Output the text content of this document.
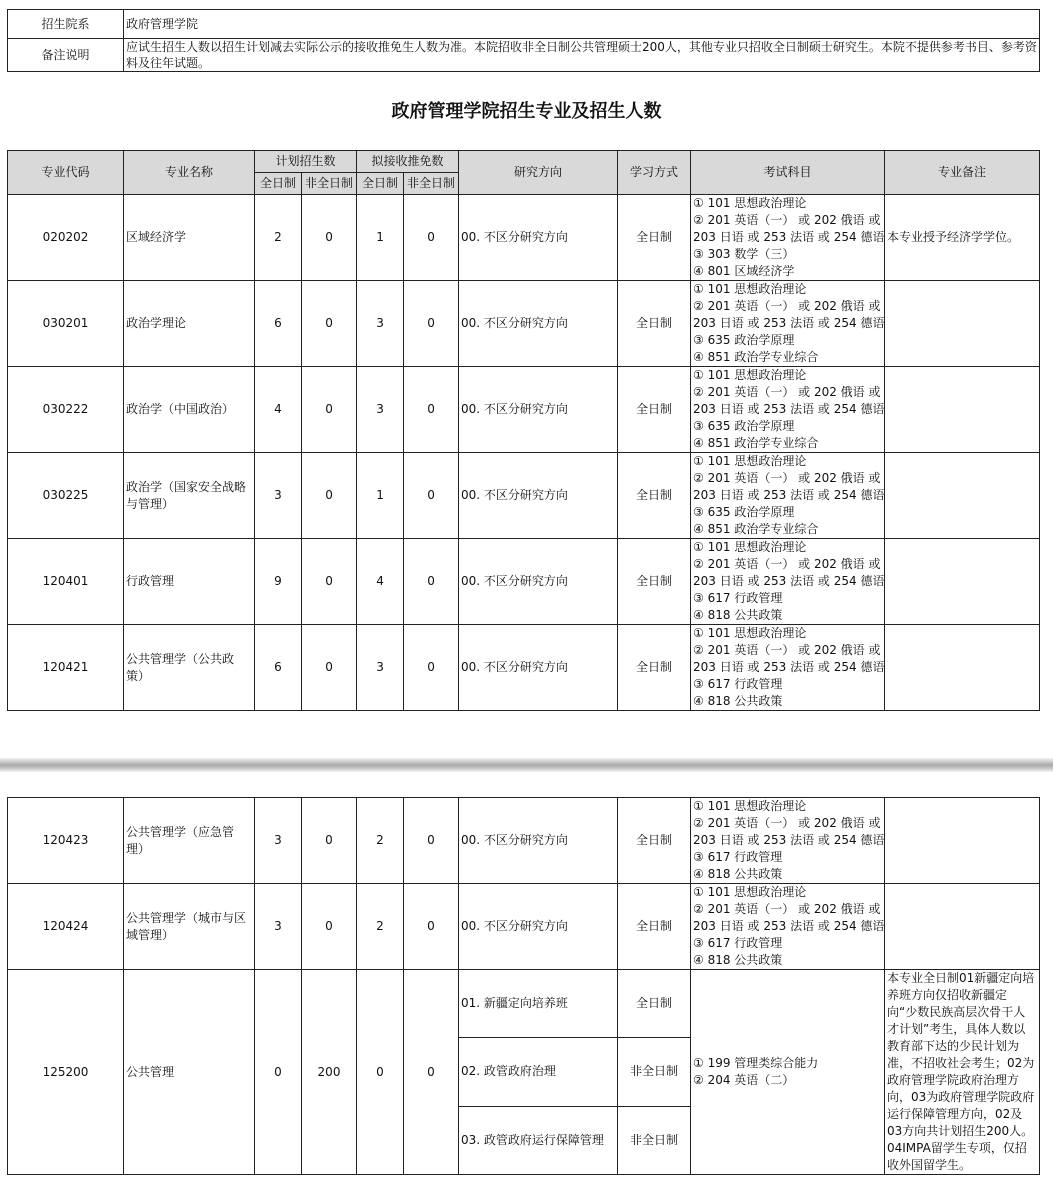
招生院系	政府管理学院
备注说明	应试生招生人数以招生计划减去实际公示的接收推免生人数为准。本院招收非全日制公共管理硕士200人，其他专业只招收全日制硕士研究生。本院不提供参考书目、参考资料及往年试题。
政府管理学院招生专业及招生人数
专业代码	专业名称	计划招生数		拟接收推免数		研究方向	学习方式	考试科目	专业备注
		全日制	非全日制	全日制	非全日制				
020202	区域经济学	2	0	1	0	00. 不区分研究方向	全日制	① 101 思想政治理论
② 201 英语（一） 或 202 俄语 或
203 日语 或 253 法语 或 254 德语
③ 303 数学（三）
④ 801 区域经济学	本专业授予经济学学位。
030201	政治学理论	6	0	3	0	00. 不区分研究方向	全日制	① 101 思想政治理论
② 201 英语（一） 或 202 俄语 或
203 日语 或 253 法语 或 254 德语
③ 635 政治学原理
④ 851 政治学专业综合	

030222	政治学（中国政治）	4	0	3	0	00. 不区分研究方向	全日制	① 101 思想政治理论
② 201 英语（一） 或 202 俄语 或
203 日语 或 253 法语 或 254 德语
③ 635 政治学原理
④ 851 政治学专业综合	

030225	政治学（国家安全战略与管理）	3	0	1	0	00. 不区分研究方向	全日制	① 101 思想政治理论
② 201 英语（一） 或 202 俄语 或
203 日语 或 253 法语 或 254 德语
③ 635 政治学原理
④ 851 政治学专业综合	

120401	行政管理	9	0	4	0	00. 不区分研究方向	全日制	① 101 思想政治理论
② 201 英语（一） 或 202 俄语 或
203 日语 或 253 法语 或 254 德语
③ 617 行政管理
④ 818 公共政策	

120421	公共管理学（公共政策）	6	0	3	0	00. 不区分研究方向	全日制	① 101 思想政治理论
② 201 英语（一） 或 202 俄语 或
203 日语 或 253 法语 或 254 德语
③ 617 行政管理
④ 818 公共政策	

120423	公共管理学（应急管理）	3	0	2	0	00. 不区分研究方向	全日制	① 101 思想政治理论
② 201 英语（一） 或 202 俄语 或
203 日语 或 253 法语 或 254 德语
③ 617 行政管理
④ 818 公共政策	

120424	公共管理学（城市与区域管理）	3	0	2	0	00. 不区分研究方向	全日制	① 101 思想政治理论
② 201 英语（一） 或 202 俄语 或
203 日语 或 253 法语 或 254 德语
③ 617 行政管理
④ 818 公共政策	

125200	公共管理	0	200	0	0	01. 新疆定向培养班	全日制	① 199 管理类综合能力
② 204 英语（二）	本专业全日制01新疆定向培养班方向仅招收新疆定向“少数民族高层次骨干人才计划”考生，具体人数以教育部下达的少民计划为准，不招收社会考生；02为政府管理学院政府治理方向，03为政府管理学院政府运行保障管理方向，02及03方向共计划招生200人。04IMPA留学生专项，仅招收外国留学生。
						02. 政管政府治理	非全日制		
						03. 政管政府运行保障管理	非全日制		
